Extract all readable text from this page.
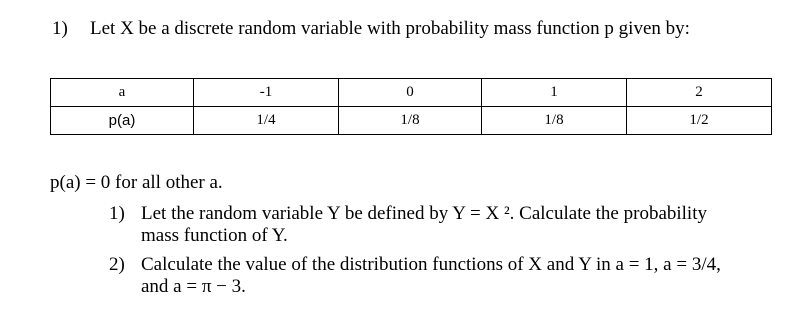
1) Let X be a discrete random variable with probability mass function p given by:
a	-1	0	1	2
p(a)	1/4	1/8	1/8	1/2
p(a) = 0 for all other a.
1) Let the random variable Y be defined by Y = X ². Calculate the probability
mass function of Y.
2) Calculate the value of the distribution functions of X and Y in a = 1, a = 3/4,
and a = π − 3.
